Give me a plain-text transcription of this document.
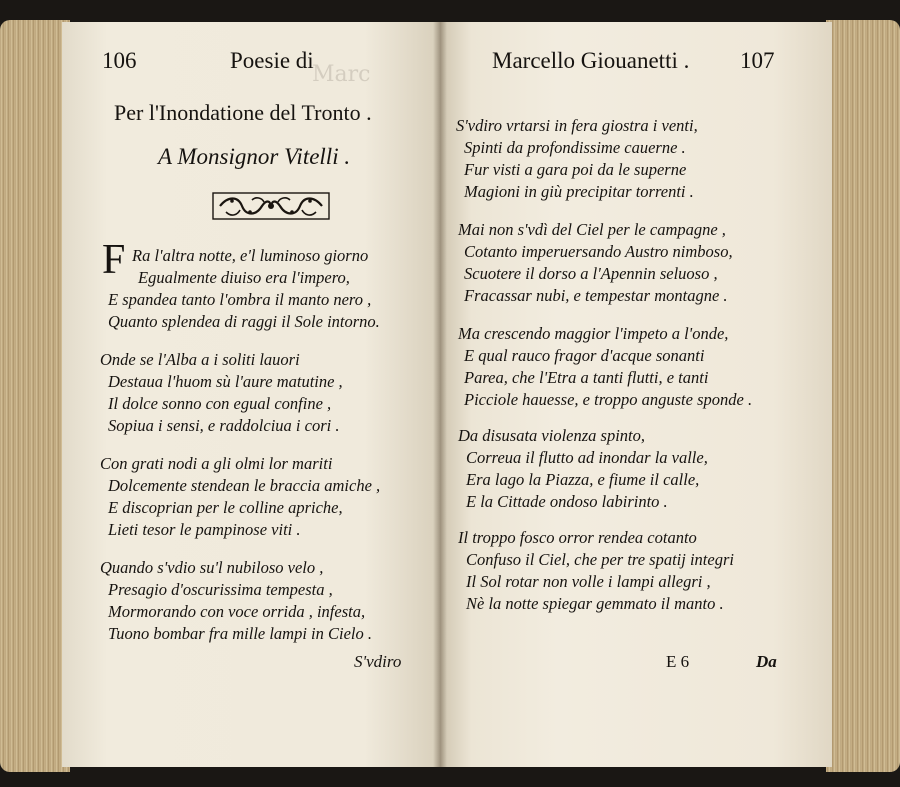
Marc
106	Poesie di
Per l'Inondatione del Tronto .
A Monsignor Vitelli .
F Ra l'altra notte, e'l luminoso giorno
Egualmente diuiso era l'impero,
E spandea tanto l'ombra il manto nero ,
Quanto splendea di raggi il Sole intorno.
Onde se l'Alba a i soliti lauori
Destaua l'huom sù l'aure matutine ,
Il dolce sonno con egual confine ,
Sopiua i sensi, e raddolciua i cori .
Con grati nodi a gli olmi lor mariti
Dolcemente stendean le braccia amiche ,
E discoprian per le colline apriche,
Lieti tesor le pampinose viti .
Quando s'vdio su'l nubiloso velo ,
Presagio d'oscurissima tempesta ,
Mormorando con voce orrida , infesta,
Tuono bombar fra mille lampi in Cielo .
S'vdiro
Marcello Giouanetti . 107
S'vdiro vrtarsi in fera giostra i venti,
Spinti da profondissime cauerne .
Fur visti a gara poi da le superne
Magioni in giù precipitar torrenti .
Mai non s'vdì del Ciel per le campagne ,
Cotanto imperuersando Austro nimboso,
Scuotere il dorso a l'Apennin seluoso ,
Fracassar nubi, e tempestar montagne .
Ma crescendo maggior l'impeto a l'onde,
E qual rauco fragor d'acque sonanti
Parea, che l'Etra a tanti flutti, e tanti
Picciole hauesse, e troppo anguste sponde .
Da disusata violenza spinto,
Correua il flutto ad inondar la valle,
Era lago la Piazza, e fiume il calle,
E la Cittade ondoso labirinto .
Il troppo fosco orror rendea cotanto
Confuso il Ciel, che per tre spatij integri
Il Sol rotar non volle i lampi allegri ,
Nè la notte spiegar gemmato il manto .
E 6	Da
